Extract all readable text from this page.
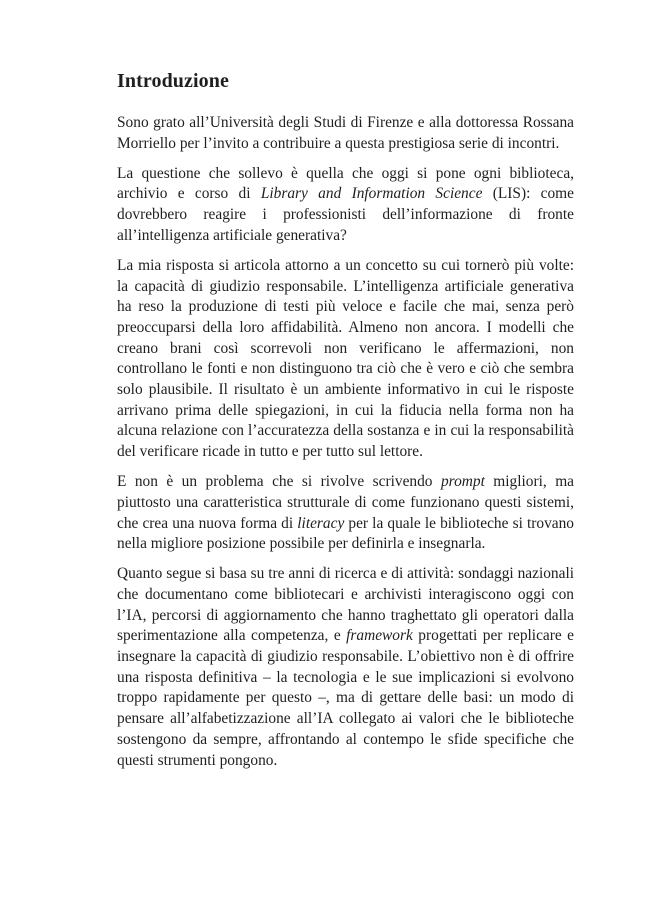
Introduzione

Sono grato all’Università degli Studi di Firenze e alla dottoressa Rossana Morriello per l’invito a contribuire a questa prestigiosa serie di incontri.

La questione che sollevo è quella che oggi si pone ogni biblioteca, archivio e corso di Library and Information Science (LIS): come dovrebbero reagire i professionisti dell’informazione di fronte all’intelligenza artificiale generativa?

La mia risposta si articola attorno a un concetto su cui tornerò più volte: la capacità di giudizio responsabile. L’intelligenza artificiale generativa ha reso la produzione di testi più veloce e facile che mai, senza però preoccuparsi della loro affidabilità. Almeno non ancora. I modelli che creano brani così scorrevoli non verificano le affermazioni, non controllano le fonti e non distinguono tra ciò che è vero e ciò che sembra solo plausibile. Il risultato è un ambiente informativo in cui le risposte arrivano prima delle spiegazioni, in cui la fiducia nella forma non ha alcuna relazione con l’accuratezza della sostanza e in cui la responsabilità del verificare ricade in tutto e per tutto sul lettore.

E non è un problema che si rivolve scrivendo prompt migliori, ma piuttosto una caratteristica strutturale di come funzionano questi sistemi, che crea una nuova forma di literacy per la quale le biblioteche si trovano nella migliore posizione possibile per definirla e insegnarla.

Quanto segue si basa su tre anni di ricerca e di attività: sondaggi nazionali che documentano come bibliotecari e archivisti interagiscono oggi con l’IA, percorsi di aggiornamento che hanno traghettato gli operatori dalla sperimentazione alla competenza, e framework progettati per replicare e insegnare la capacità di giudizio responsabile. L’obiettivo non è di offrire una risposta definitiva – la tecnologia e le sue implicazioni si evolvono troppo rapidamente per questo –, ma di gettare delle basi: un modo di pensare all’alfabetizzazione all’IA collegato ai valori che le biblioteche sostengono da sempre, affrontando al contempo le sfide specifiche che questi strumenti pongono.
